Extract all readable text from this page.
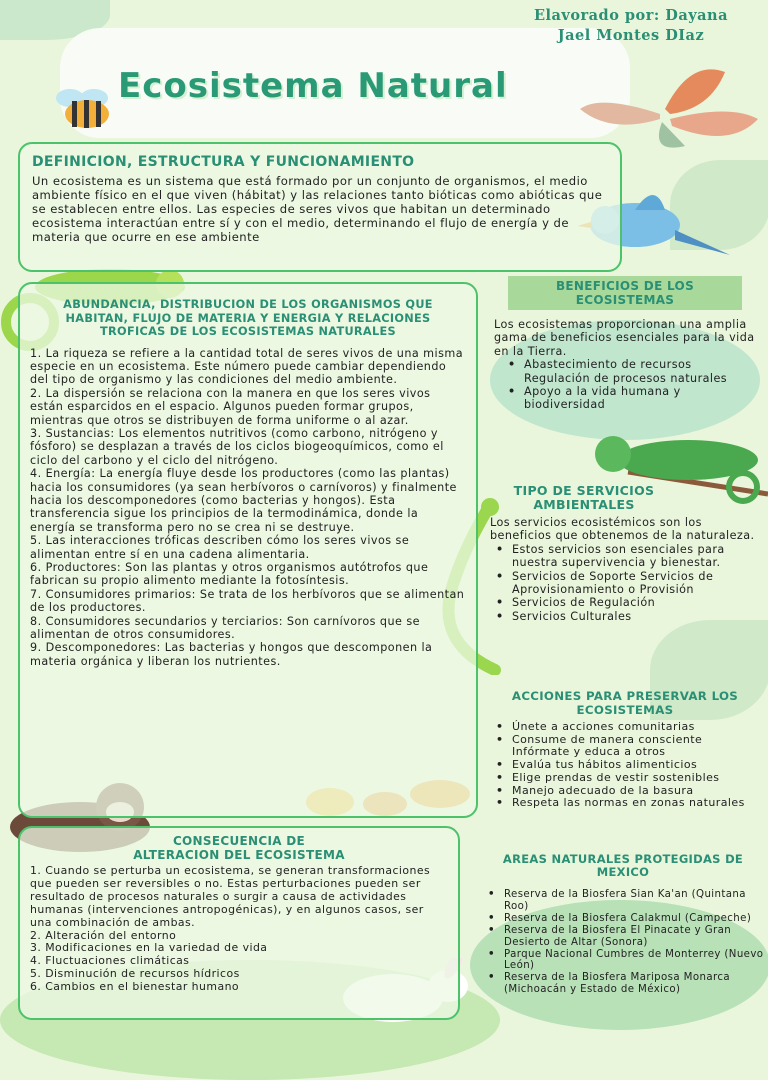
Elavorado por: Dayana
Jael Montes DIaz
Ecosistema Natural
DEFINICION, ESTRUCTURA Y FUNCIONAMIENTO
Un ecosistema es un sistema que está formado por un conjunto de organismos, el medio ambiente físico en el que viven (hábitat) y las relaciones tanto bióticas como abióticas que se establecen entre ellos. Las especies de seres vivos que habitan un determinado ecosistema interactúan entre sí y con el medio, determinando el flujo de energía y de materia que ocurre en ese ambiente
ABUNDANCIA, DISTRIBUCION DE LOS ORGANISMOS QUE HABITAN, FLUJO DE MATERIA Y ENERGIA Y RELACIONES TROFICAS DE LOS ECOSISTEMAS NATURALES
1. La riqueza se refiere a la cantidad total de seres vivos de una misma especie en un ecosistema. Este número puede cambiar dependiendo del tipo de organismo y las condiciones del medio ambiente.
2. La dispersión se relaciona con la manera en que los seres vivos están esparcidos en el espacio. Algunos pueden formar grupos, mientras que otros se distribuyen de forma uniforme o al azar.
3. Sustancias: Los elementos nutritivos (como carbono, nitrógeno y fósforo) se desplazan a través de los ciclos biogeoquímicos, como el ciclo del carbono y el ciclo del nitrógeno.
4. Energía: La energía fluye desde los productores (como las plantas) hacia los consumidores (ya sean herbívoros o carnívoros) y finalmente hacia los descomponedores (como bacterias y hongos). Esta transferencia sigue los principios de la termodinámica, donde la energía se transforma pero no se crea ni se destruye.
5. Las interacciones tróficas describen cómo los seres vivos se alimentan entre sí en una cadena alimentaria.
6. Productores: Son las plantas y otros organismos autótrofos que fabrican su propio alimento mediante la fotosíntesis.
7. Consumidores primarios: Se trata de los herbívoros que se alimentan de los productores.
8. Consumidores secundarios y terciarios: Son carnívoros que se alimentan de otros consumidores.
9. Descomponedores: Las bacterias y hongos que descomponen la materia orgánica y liberan los nutrientes.
CONSECUENCIA DE
ALTERACION DEL ECOSISTEMA
1. Cuando se perturba un ecosistema, se generan transformaciones que pueden ser reversibles o no. Estas perturbaciones pueden ser resultado de procesos naturales o surgir a causa de actividades humanas (intervenciones antropogénicas), y en algunos casos, ser una combinación de ambas.
2. Alteración del entorno
3. Modificaciones en la variedad de vida
4. Fluctuaciones climáticas
5. Disminución de recursos hídricos
6. Cambios en el bienestar humano
BENEFICIOS DE LOS ECOSISTEMAS
Los ecosistemas proporcionan una amplia gama de beneficios esenciales para la vida en la Tierra.
• Abastecimiento de recursos Regulación de procesos naturales
• Apoyo a la vida humana y biodiversidad
TIPO DE SERVICIOS AMBIENTALES
Los servicios ecosistémicos son los beneficios que obtenemos de la naturaleza.
• Estos servicios son esenciales para nuestra supervivencia y bienestar.
• Servicios de Soporte Servicios de Aprovisionamiento o Provisión
• Servicios de Regulación
• Servicios Culturales
ACCIONES PARA PRESERVAR LOS ECOSISTEMAS
• Únete a acciones comunitarias
• Consume de manera consciente Infórmate y educa a otros
• Evalúa tus hábitos alimenticios
• Elige prendas de vestir sostenibles
• Manejo adecuado de la basura
• Respeta las normas en zonas naturales
AREAS NATURALES PROTEGIDAS DE MEXICO
• Reserva de la Biosfera Sian Ka'an (Quintana Roo)
• Reserva de la Biosfera Calakmul (Campeche)
• Reserva de la Biosfera El Pinacate y Gran Desierto de Altar (Sonora)
• Parque Nacional Cumbres de Monterrey (Nuevo León)
• Reserva de la Biosfera Mariposa Monarca (Michoacán y Estado de México)
